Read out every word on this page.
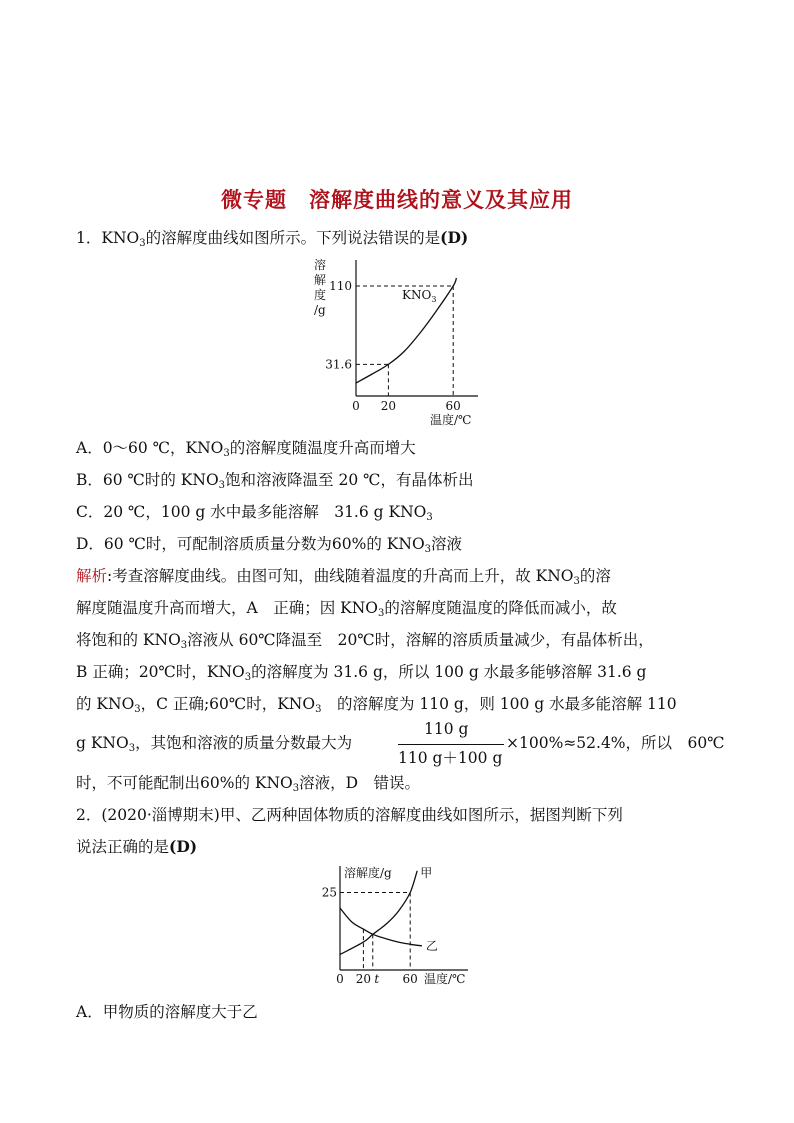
微专题　溶解度曲线的意义及其应用
1．$KNO_3$的溶解度曲线如图所示。下列说法错误的是(D)
溶
解
度
/g
31.6
110
0 20	60
温度/℃
$KNO_3$
A．0～60 ℃，$KNO_3$的溶解度随温度升高而增大
B．60 ℃时的 $KNO_3$饱和溶液降温至 20 ℃，有晶体析出
C．20 ℃，100 g 水中最多能溶解　31.6 g $KNO_3$
D．60 ℃时，可配制溶质质量分数为60%的 $KNO_3$溶液
解析:考查溶解度曲线。由图可知，曲线随着温度的升高而上升，故 $KNO_3$的溶
解度随温度升高而增大，A　正确；因 $KNO_3$的溶解度随温度的降低而减小，故
将饱和的 $KNO_3$溶液从 60℃降温至　20℃时，溶解的溶质质量减少，有晶体析出，
B 正确；20℃时，$KNO_3$的溶解度为 31.6 g，所以 100 g 水最多能够溶解 31.6 g
的 $KNO_3$，C 正确;60℃时，$KNO_3$　的溶解度为 110 g，则 100 g 水最多能溶解 110
g $KNO_3$，其饱和溶液的质量分数最大为
110 g
110 g＋100 g
×100%≈52.4%，所以　60℃
时，不可能配制出60%的 $KNO_3$溶液，D　错误。
2．(2020·淄博期末)甲、乙两种固体物质的溶解度曲线如图所示，据图判断下列
说法正确的是(D)
溶解度/g
25
0 20 t 60 温度/℃
甲
乙
A．甲物质的溶解度大于乙
